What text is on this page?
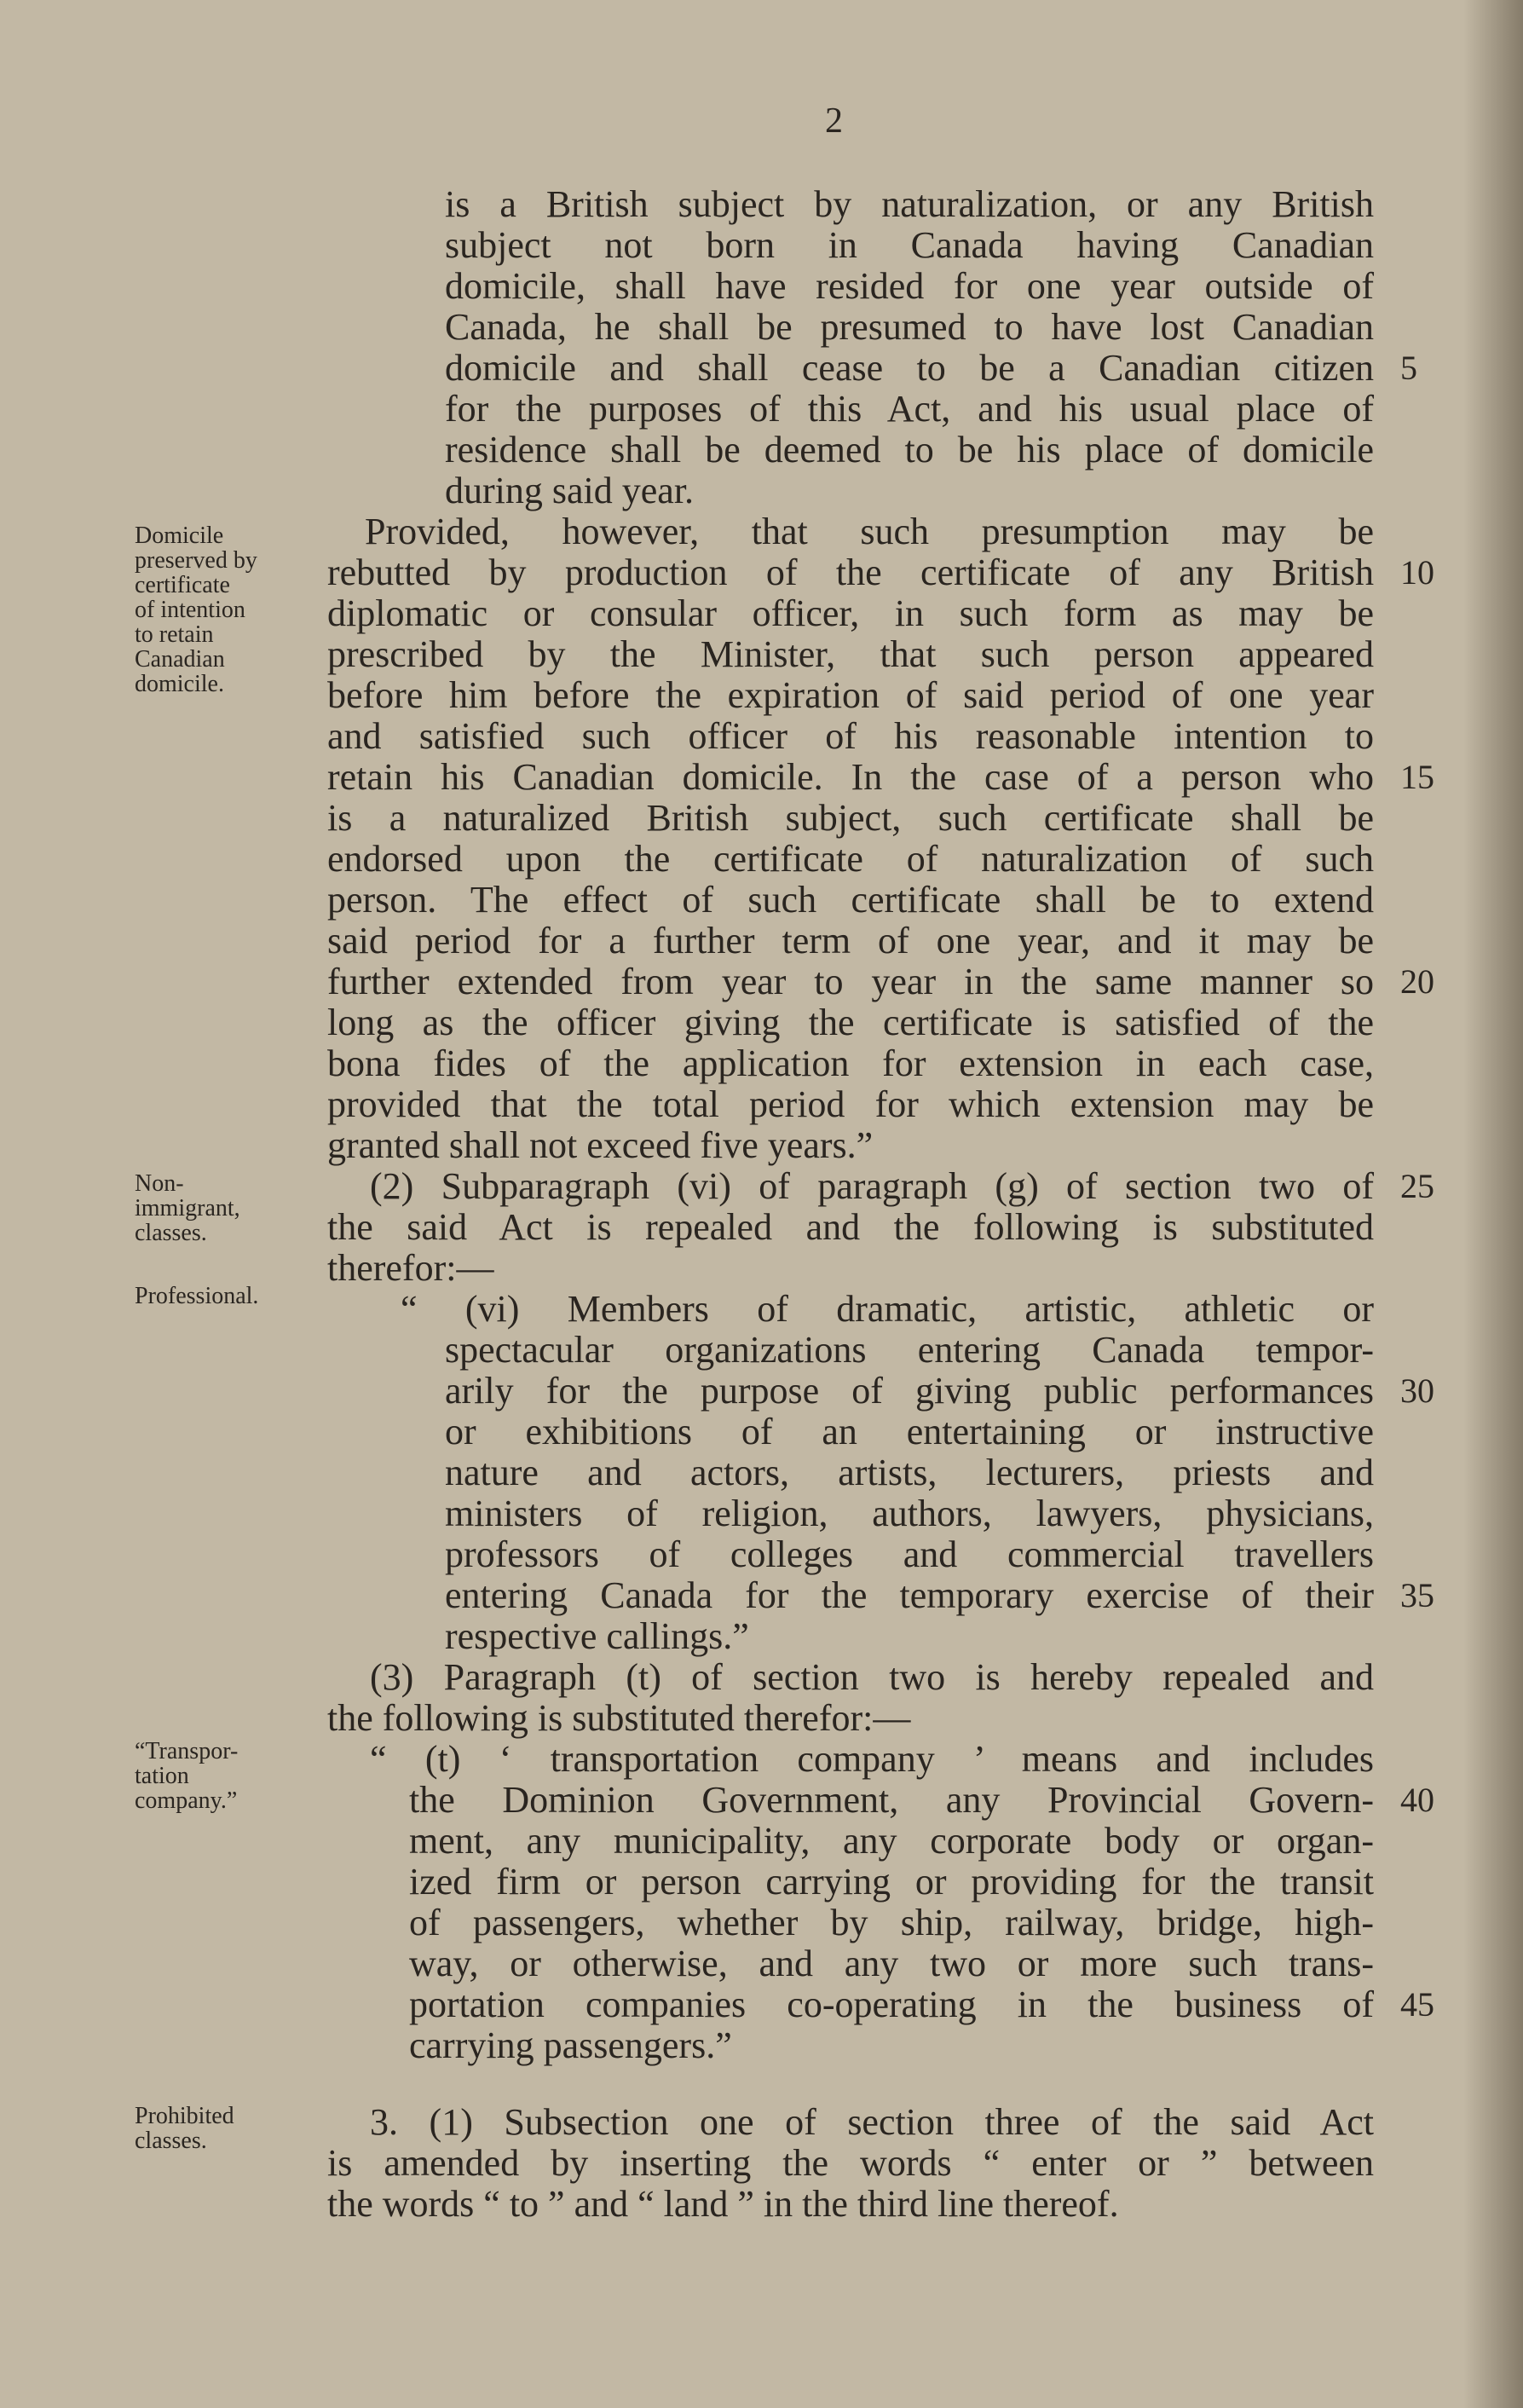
2
is a British subject by naturalization, or any British
subject not born in Canada having Canadian
domicile, shall have resided for one year outside of
Canada, he shall be presumed to have lost Canadian
domicile and shall cease to be a Canadian citizen
for the purposes of this Act, and his usual place of
residence shall be deemed to be his place of domicile
during said year.
Provided, however, that such presumption may be
rebutted by production of the certificate of any British
diplomatic or consular officer, in such form as may be
prescribed by the Minister, that such person appeared
before him before the expiration of said period of one year
and satisfied such officer of his reasonable intention to
retain his Canadian domicile. In the case of a person who
is a naturalized British subject, such certificate shall be
endorsed upon the certificate of naturalization of such
person. The effect of such certificate shall be to extend
said period for a further term of one year, and it may be
further extended from year to year in the same manner so
long as the officer giving the certificate is satisfied of the
bona fides of the application for extension in each case,
provided that the total period for which extension may be
granted shall not exceed five years.”
(2) Subparagraph (vi) of paragraph (g) of section two of
the said Act is repealed and the following is substituted
therefor:—
“ (vi) Members of dramatic, artistic, athletic or
spectacular organizations entering Canada tempor-
arily for the purpose of giving public performances
or exhibitions of an entertaining or instructive
nature and actors, artists, lecturers, priests and
ministers of religion, authors, lawyers, physicians,
professors of colleges and commercial travellers
entering Canada for the temporary exercise of their
respective callings.”
(3) Paragraph (t) of section two is hereby repealed and
the following is substituted therefor:—
“ (t) ‘ transportation company ’ means and includes
the Dominion Government, any Provincial Govern-
ment, any municipality, any corporate body or organ-
ized firm or person carrying or providing for the transit
of passengers, whether by ship, railway, bridge, high-
way, or otherwise, and any two or more such trans-
portation companies co-operating in the business of
carrying passengers.”
3. (1) Subsection one of section three of the said Act
is amended by inserting the words “ enter or ” between
the words “ to ” and “ land ” in the third line thereof.
5
10
15
20
25
30
35
40
45
Domicile
preserved by
certificate
of intention
to retain
Canadian
domicile.
Non-
immigrant,
classes.
Professional.
“Transpor-
tation
company.”
Prohibited
classes.
